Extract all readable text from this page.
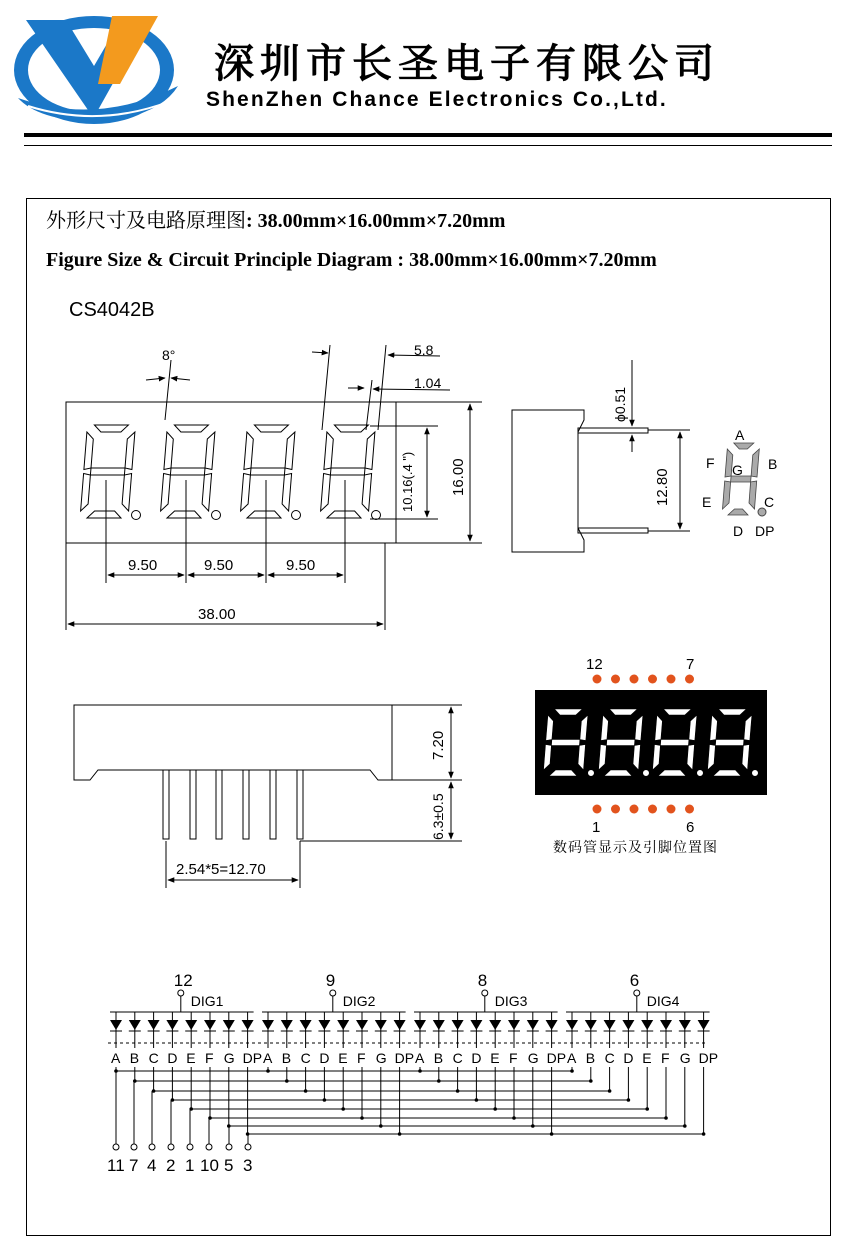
深圳市长圣电子有限公司
ShenZhen Chance Electronics Co.,Ltd.
外形尺寸及电路原理图: 38.00mm×16.00mm×7.20mm
Figure Size & Circuit Principle Diagram : 38.00mm×16.00mm×7.20mm
CS4042B
8°	5.8
1.04
10.16(.4 ") 16.00
9.50	9.50	9.50
38.00
ϕ0.51
12.80
A
B
C
D
E
F G
DP
7.20
6.3±0.5
2.54*5=12.70
12	7
1	6
12
DIG1
A B C D E F G DP
9
DIG2
A B C D E F G DP
8
DIG3
A B C D E F G DP
6
DIG4
A B C D E F G DP
11 7 4 2 1 10 5 3
数码管显示及引脚位置图
